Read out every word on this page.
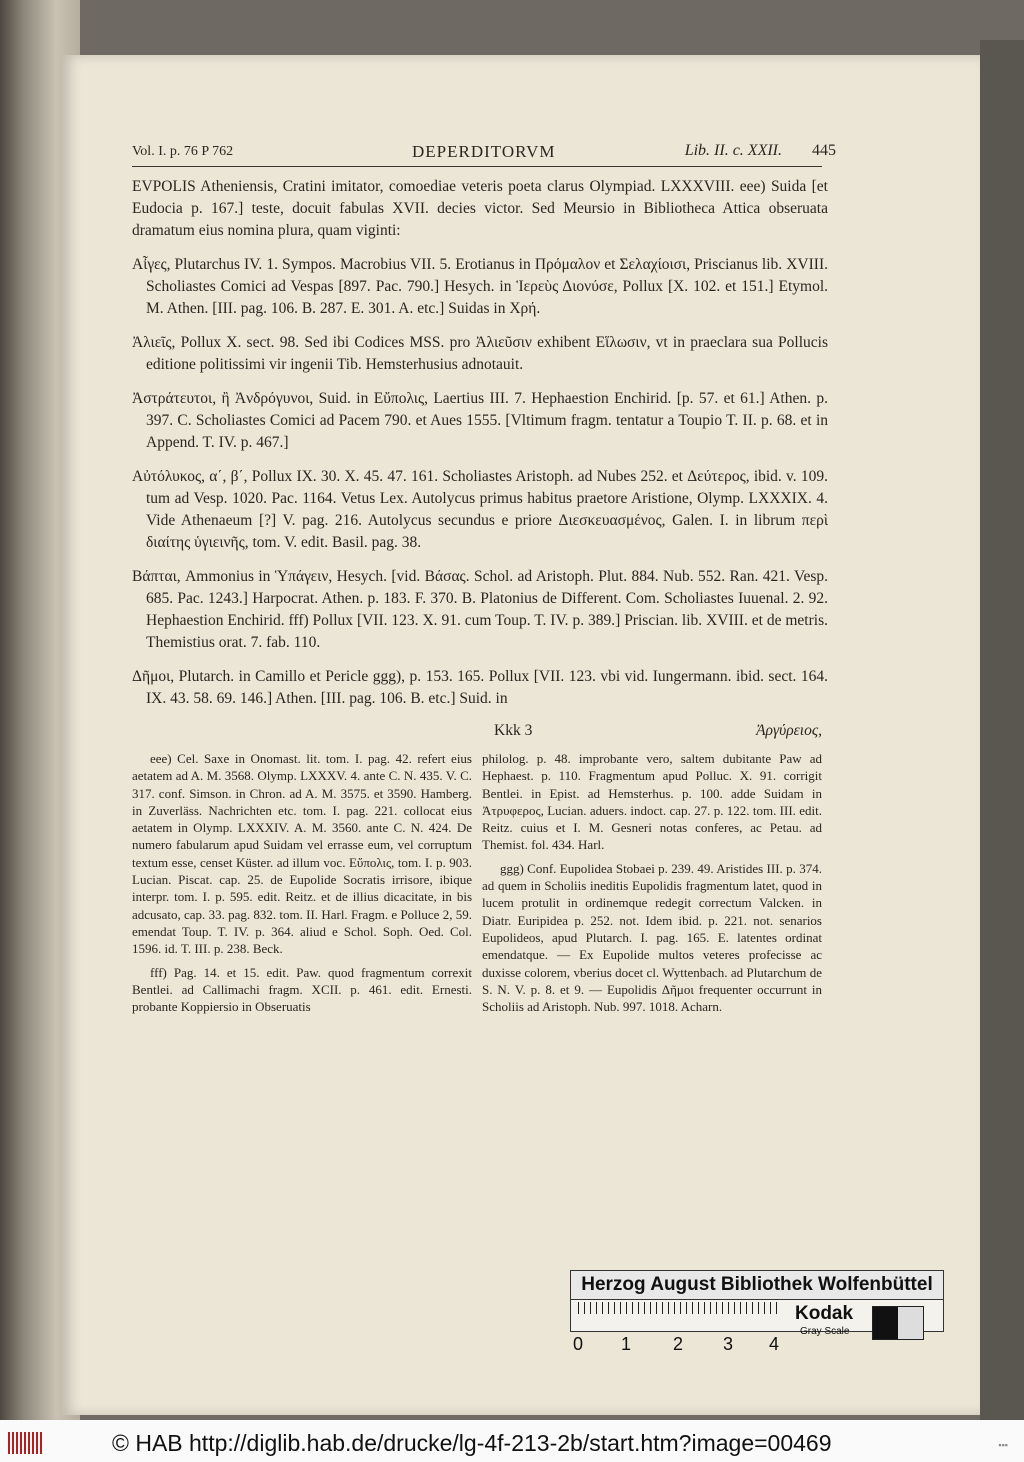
Vol. I. p. 76 P 762	DEPERDITORVM	Lib. II. c. XXII. 445

EVPOLIS Atheniensis, Cratini imitator, comoediae veteris poeta clarus Olympiad. LXXXVIII. eee) Suida [et Eudocia p. 167.] teste, docuit fabulas XVII. decies victor. Sed Meursio in Bibliotheca Attica obseruata dramatum eius nomina plura, quam viginti:

Αἶγες, Plutarchus IV. 1. Sympos. Macrobius VII. 5. Erotianus in Πρόμαλον et Σελαχίοισι, Priscianus lib. XVIII. Scholiastes Comici ad Vespas [897. Pac. 790.] Hesych. in Ἱερεὺς Διονύσε, Pollux [X. 102. et 151.] Etymol. M. Athen. [III. pag. 106. B. 287. E. 301. A. etc.] Suidas in Χρή.

Ἀλιεῖς, Pollux X. sect. 98. Sed ibi Codices MSS. pro Ἀλιεῦσιν exhibent Εἵλωσιν, vt in praeclara sua Pollucis editione politissimi vir ingenii Tib. Hemsterhusius adnotauit.

Ἀστράτευτοι, ἢ Ἀνδρόγυνοι, Suid. in Εὔπολις, Laertius III. 7. Hephaestion Enchirid. [p. 57. et 61.] Athen. p. 397. C. Scholiastes Comici ad Pacem 790. et Aues 1555. [Vltimum fragm. tentatur a Toupio T. II. p. 68. et in Append. T. IV. p. 467.]

Αὐτόλυκος, α΄, β΄, Pollux IX. 30. X. 45. 47. 161. Scholiastes Aristoph. ad Nubes 252. et Δεύτερος, ibid. v. 109. tum ad Vesp. 1020. Pac. 1164. Vetus Lex. Autolycus primus habitus praetore Aristione, Olymp. LXXXIX. 4. Vide Athenaeum [?] V. pag. 216. Autolycus secundus e priore Διεσκευασμένος, Galen. I. in librum περὶ διαίτης ὑγιεινῆς, tom. V. edit. Basil. pag. 38.

Βάπται, Ammonius in Ὑπάγειν, Hesych. [vid. Βάσας. Schol. ad Aristoph. Plut. 884. Nub. 552. Ran. 421. Vesp. 685. Pac. 1243.] Harpocrat. Athen. p. 183. F. 370. B. Platonius de Different. Com. Scholiastes Iuuenal. 2. 92. Hephaestion Enchirid. fff) Pollux [VII. 123. X. 91. cum Toup. T. IV. p. 389.] Priscian. lib. XVIII. et de metris. Themistius orat. 7. fab. 110.

Δῆμοι, Plutarch. in Camillo et Pericle ggg), p. 153. 165. Pollux [VII. 123. vbi vid. Iungermann. ibid. sect. 164. IX. 43. 58. 69. 146.] Athen. [III. pag. 106. B. etc.] Suid. in

Kkk 3	Ἀργύρειος,

eee) Cel. Saxe in Onomast. lit. tom. I. pag. 42. refert eius aetatem ad A. M. 3568. Olymp. LXXXV. 4. ante C. N. 435. V. C. 317. conf. Simson. in Chron. ad A. M. 3575. et 3590. Hamberg. in Zuverläss. Nachrichten etc. tom. I. pag. 221. collocat eius aetatem in Olymp. LXXXIV. A. M. 3560. ante C. N. 424. De numero fabularum apud Suidam vel errasse eum, vel corruptum textum esse, censet Küster. ad illum voc. Εὔπολις, tom. I. p. 903. Lucian. Piscat. cap. 25. de Eupolide Socratis irrisore, ibique interpr. tom. I. p. 595. edit. Reitz. et de illius dicacitate, in bis adcusato, cap. 33. pag. 832. tom. II. Harl. Fragm. e Polluce 2, 59. emendat Toup. T. IV. p. 364. aliud e Schol. Soph. Oed. Col. 1596. id. T. III. p. 238. Beck.

fff) Pag. 14. et 15. edit. Paw. quod fragmentum correxit Bentlei. ad Callimachi fragm. XCII. p. 461. edit. Ernesti. probante Koppiersio in Obseruatis

philolog. p. 48. improbante vero, saltem dubitante Paw ad Hephaest. p. 110. Fragmentum apud Polluc. X. 91. corrigit Bentlei. in Epist. ad Hemsterhus. p. 100. adde Suidam in Ἀτρυφερος, Lucian. aduers. indoct. cap. 27. p. 122. tom. III. edit. Reitz. cuius et I. M. Gesneri notas conferes, ac Petau. ad Themist. fol. 434. Harl.

ggg) Conf. Eupolidea Stobaei p. 239. 49. Aristides III. p. 374. ad quem in Scholiis ineditis Eupolidis fragmentum latet, quod in lucem protulit in ordinemque redegit correctum Valcken. in Diatr. Euripidea p. 252. not. Idem ibid. p. 221. not. senarios Eupolideos, apud Plutarch. I. pag. 165. E. latentes ordinat emendatque. — Ex Eupolide multos veteres profecisse ac duxisse colorem, vberius docet cl. Wyttenbach. ad Plutarchum de S. N. V. p. 8. et 9. — Eupolidis Δῆμοι frequenter occurrunt in Scholiis ad Aristoph. Nub. 997. 1018. Acharn.

Herzog August Bibliothek Wolfenbüttel
0 1 2 3 4
Kodak
Gray Scale
© HAB http://diglib.hab.de/drucke/lg-4f-213-2b/start.htm?image=00469	▪▪▪
